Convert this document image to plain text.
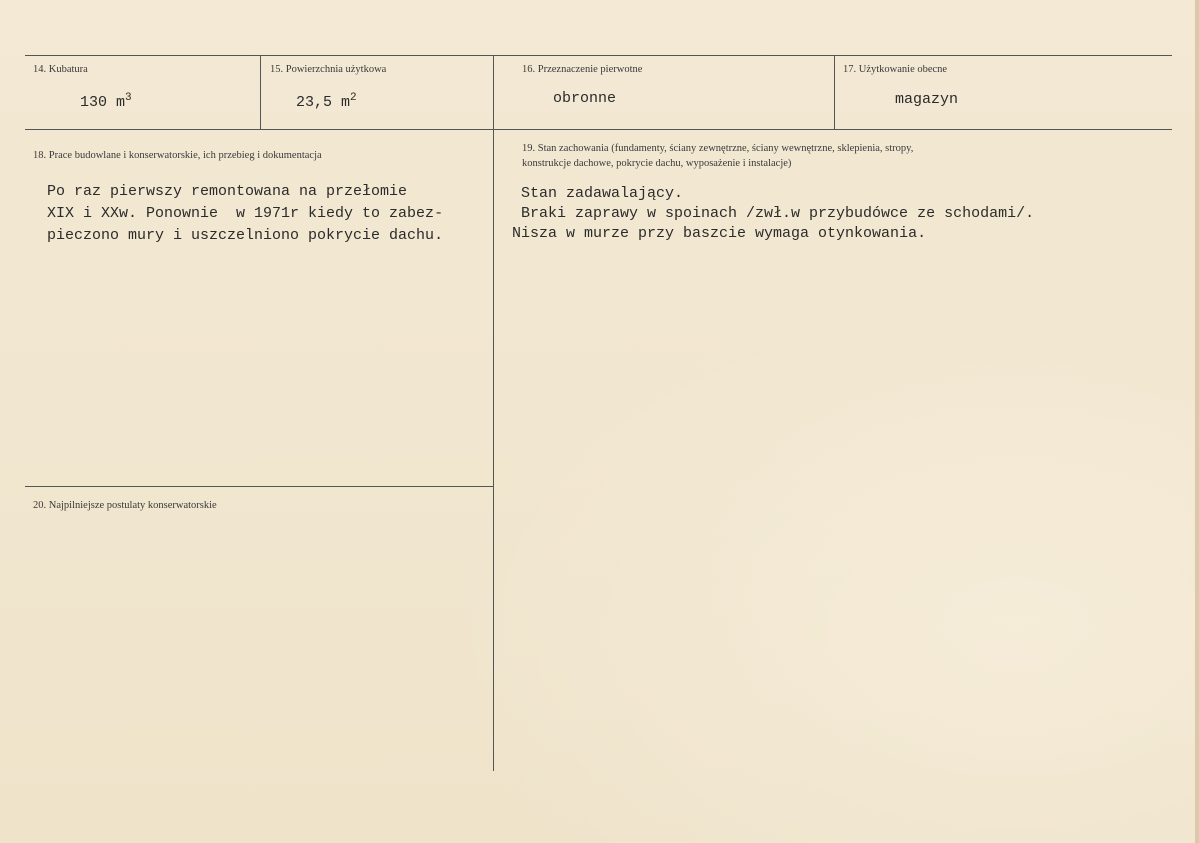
14. Kubatura
130 $m^3$
15. Powierzchnia użytkowa
23,5 $m^2$
16. Przeznaczenie pierwotne
obronne
17. Użytkowanie obecne
magazyn
18. Prace budowlane i konserwatorskie, ich przebieg i dokumentacja
Po raz pierwszy remontowana na przełomie
XIX i XXw. Ponownie  w 1971r kiedy to zabez-
pieczono mury i uszczelniono pokrycie dachu.
19. Stan zachowania (fundamenty, ściany zewnętrzne, ściany wewnętrzne, sklepienia, stropy,
konstrukcje dachowe, pokrycie dachu, wyposażenie i instalacje)
Stan zadawalający.
Braki zaprawy w spoinach /zwł.w przybudówce ze schodami/.
Nisza w murze przy baszcie wymaga otynkowania.
20. Najpilniejsze postulaty konserwatorskie
